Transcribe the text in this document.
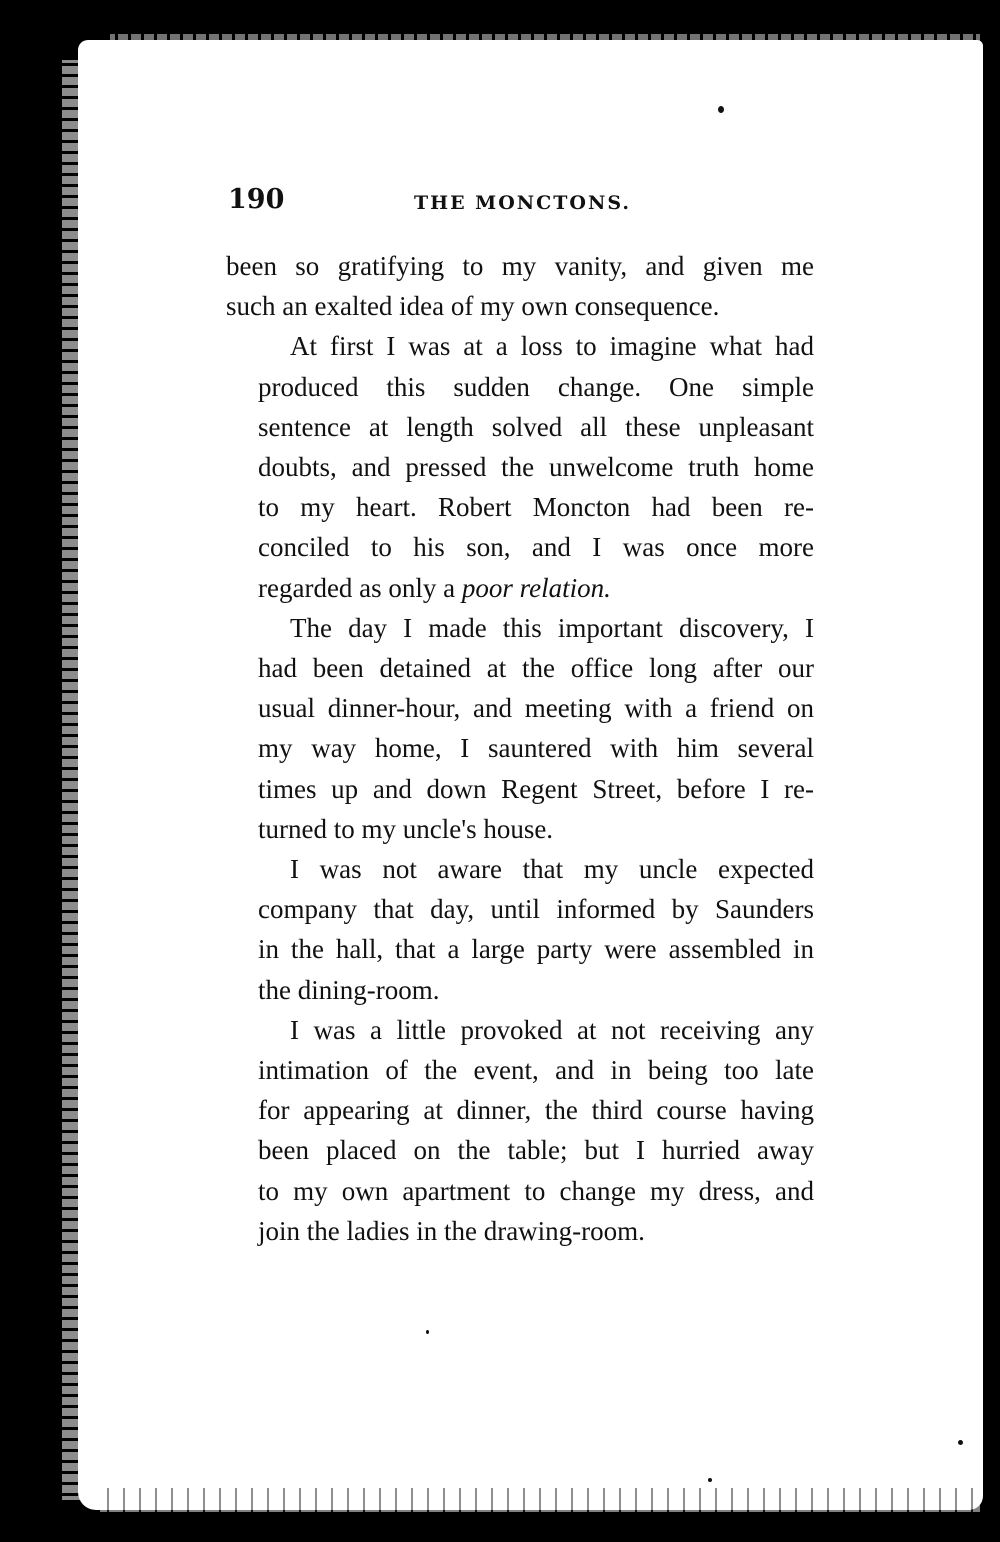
190	THE MONCTONS.

been so gratifying to my vanity, and given me
such an exalted idea of my own consequence.

At first I was at a loss to imagine what had
produced this sudden change. One simple
sentence at length solved all these unpleasant
doubts, and pressed the unwelcome truth home
to my heart. Robert Moncton had been re-
conciled to his son, and I was once more
regarded as only a poor relation.

The day I made this important discovery, I
had been detained at the office long after our
usual dinner-hour, and meeting with a friend on
my way home, I sauntered with him several
times up and down Regent Street, before I re-
turned to my uncle's house.

I was not aware that my uncle expected
company that day, until informed by Saunders
in the hall, that a large party were assembled in
the dining-room.

I was a little provoked at not receiving any
intimation of the event, and in being too late
for appearing at dinner, the third course having
been placed on the table; but I hurried away
to my own apartment to change my dress, and
join the ladies in the drawing-room.
